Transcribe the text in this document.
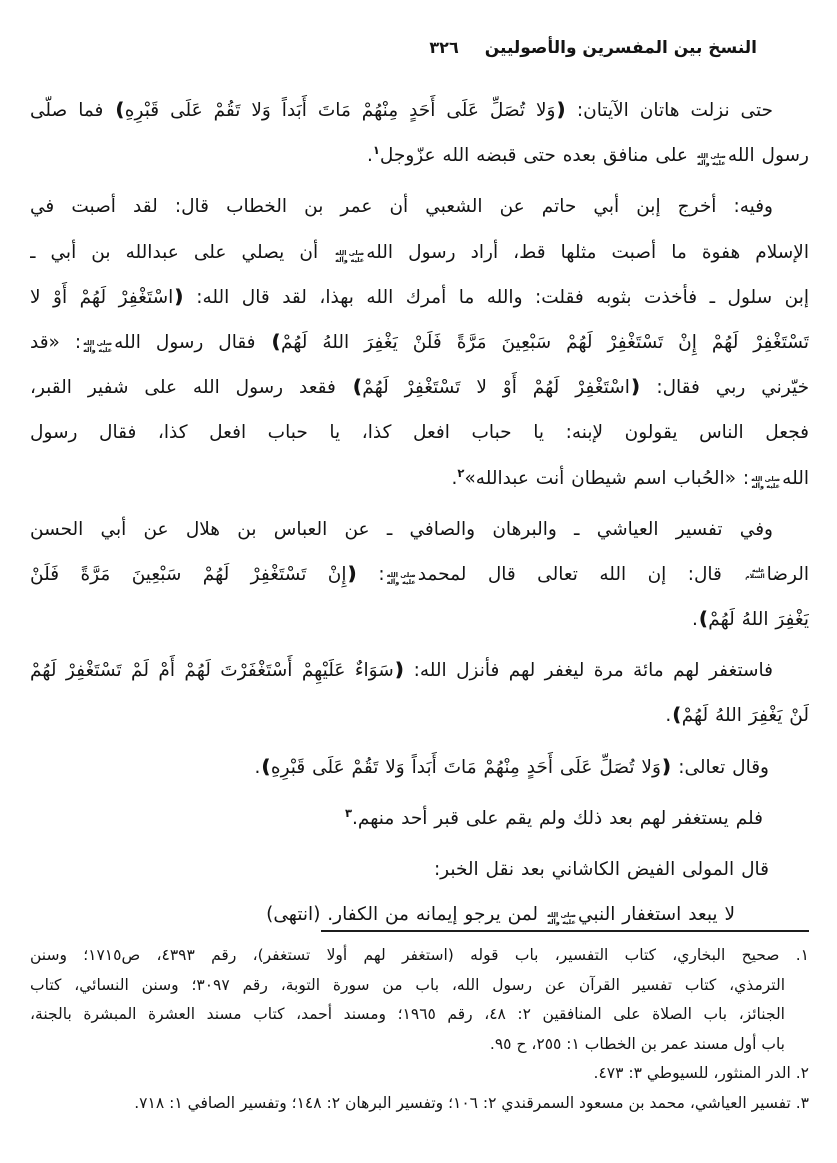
النسخ بين المفسرين والأصوليين
٣٢٦
حتى نزلت هاتان الآيتان: (وَلا تُصَلِّ عَلَى أَحَدٍ مِنْهُمْ مَاتَ أَبَداً وَلا تَقُمْ عَلَى قَبْرِهِ) فما صلّى
رسول اللهصلى الله
عليه وآله على منافق بعده حتى قبضه الله عزّوجل$^١$.
وفيه: أخرج إبن أبي حاتم عن الشعبي أن عمر بن الخطاب قال: لقد أصبت في
الإسلام هفوة ما أصبت مثلها قط، أراد رسول اللهصلى الله
عليه وآله أن يصلي على عبدالله بن أبي ـ
إبن سلول ـ فأخذت بثوبه فقلت: والله ما أمرك الله بهذا، لقد قال الله: (اسْتَغْفِرْ لَهُمْ أَوْ لا
تَسْتَغْفِرْ لَهُمْ إِنْ تَسْتَغْفِرْ لَهُمْ سَبْعِينَ مَرَّةً فَلَنْ يَغْفِرَ اللهُ لَهُمْ) فقال رسول اللهصلى الله
عليه وآله: «قد
خيّرني ربي فقال: (اسْتَغْفِرْ لَهُمْ أَوْ لا تَسْتَغْفِرْ لَهُمْ) فقعد رسول الله على شفير القبر،
فجعل الناس يقولون لإبنه: يا حباب افعل كذا، يا حباب افعل كذا، فقال رسول
اللهصلى الله
عليه وآله: «الحُباب اسم شيطان أنت عبدالله»$^٢$.
وفي تفسير العياشي ـ والبرهان والصافي ـ عن العباس بن هلال عن أبي الحسن
الرضاعليه
السلام قال: إن الله تعالى قال لمحمدصلى الله
عليه وآله: (إِنْ تَسْتَغْفِرْ لَهُمْ سَبْعِينَ مَرَّةً فَلَنْ
يَغْفِرَ اللهُ لَهُمْ).
فاستغفر لهم مائة مرة ليغفر لهم فأنزل الله: (سَوَاءٌ عَلَيْهِمْ أَسْتَغْفَرْتَ لَهُمْ أَمْ لَمْ تَسْتَغْفِرْ لَهُمْ
لَنْ يَغْفِرَ اللهُ لَهُمْ).
وقال تعالى: (وَلا تُصَلِّ عَلَى أَحَدٍ مِنْهُمْ مَاتَ أَبَداً وَلا تَقُمْ عَلَى قَبْرِهِ).
فلم يستغفر لهم بعد ذلك ولم يقم على قبر أحد منهم.$^٣$
قال المولى الفيض الكاشاني بعد نقل الخبر:
لا يبعد استغفار النبيصلى الله
عليه وآله لمن يرجو إيمانه من الكفار. (انتهى)
١. صحيح البخاري، كتاب التفسير، باب قوله (استغفر لهم أولا تستغفر)، رقم ٤٣٩٣، ص١٧١٥؛ وسنن
الترمذي، كتاب تفسير القرآن عن رسول الله، باب من سورة التوبة، رقم ٣٠٩٧؛ وسنن النسائي، كتاب
الجنائز، باب الصلاة على المنافقين ٢: ٤٨، رقم ١٩٦٥؛ ومسند أحمد، كتاب مسند العشرة المبشرة بالجنة،
باب أول مسند عمر بن الخطاب ١: ٢٥٥، ح ٩٥.
٢. الدر المنثور، للسيوطي ٣: ٤٧٣.
٣. تفسير العياشي، محمد بن مسعود السمرقندي ٢: ١٠٦؛ وتفسير البرهان ٢: ١٤٨؛ وتفسير الصافي ١: ٧١٨.
